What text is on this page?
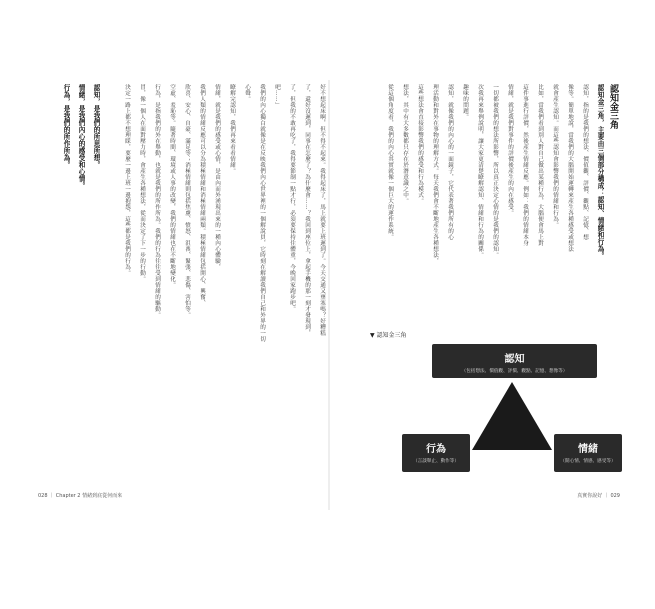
好不想起床啊，但不得不起來。我得起床了，馬上就要上班遲到了。今天交通又壅塞嗎？好糟糕
了，還好沒遲到，同事在怎麼了？為什麼會……？我回到座位上，拿起手機的那一刻才發現到，
了，但我的不敢再吃了，我得要節制一點才行，必須要保持住體重，今晚回家跑步吧。
吧……」
我們的內心獨白就像是在反映我們內心世界裡的一個解說員，它時刻在解讀我們自己和外界的一切
心聲。
瞭解完認知，我們再來看看情緒。
情緒，就是我們的感受或心情，是由內而外湧現出來的一種內心體驗，
我們人類的情緒反應可以分為積極情緒和消極情緒兩類。積極情緒包括開心、興奮、
欣喜、安心、自豪、滿足等；消極情緒則包括焦慮、憤怒、沮喪、緊張、悲傷、害怕等。
空虛、羞恥等。隨著時間、環境或人事的改變，我們的情緒也在不斷地變化。
行為，是指我們的外在舉動，也就是我們的所作所為。我們的行為往往受到情緒的驅動。
冒，像一個人在面對壓力時，會產生各種想法，從而決定了下一步的行動。
決定一路上都不想理睬，要麼一邊上班一邊抱怨，這些都是我們的行為。
認知，是我們的所思所想。
情緒，是我們內心的感受和心情。
行為，是我們的所作所為。	認知金三角
認知金三角，主要由三個部分構成：認知、情緒和行為。
認知，指的是我們的想法、價值觀、評價、觀點、記憶、想
像等。簡單地說，當我們的大腦開始運轉來產生各種感受或想法
就會產生認知。而這些認知會影響我們的情緒和行為。
比如，當我們看到別人對自己做出某種行為，大腦便會馬上對
這件事進行評價，然後產生情緒反應。例如：我們的情緒本身
情緒，就是我們對事件的評價後產生的內在感受。
一切都被我們的想法所影響，所以真正決定心情的是我們的認知。
次我再來舉例說明，讓大家更清楚瞭解認知、情緒和行為的關係。
趣味的問題。
認知，就像我們的內心的一面鏡子，它代表著我們所有的心
理活動和對外在事物的理解方式。每天我們會不斷地產生各種想法，
這些想法會直接影響我們的感受和行為模式。
想法，其中有大多數都只存在於潛意識之中。
從這個角度看，我們的內心其實就像一個巨大的運作系統。
▼ 認知金三角
認知
（包括想法、價值觀、評價、觀點、記憶、想像等）
行為
（言談舉止、動作等）
情緒
（開心情、情感、感受等）
028 ｜ Chapter 2 情緒到底從何而來	真實你說好 ｜ 029
